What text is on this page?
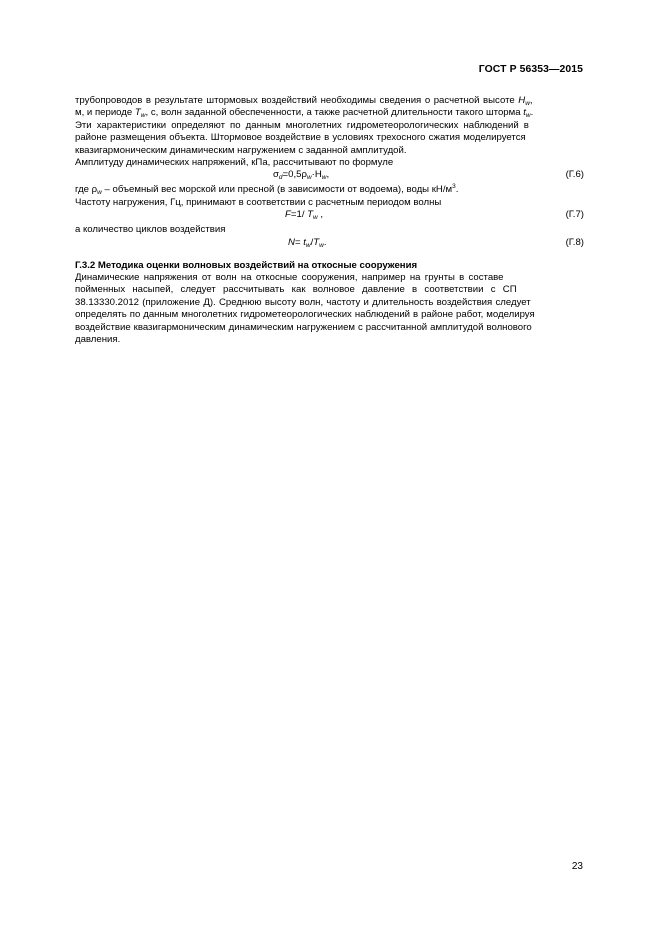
ГОСТ Р 56353—2015

трубопроводов в результате штормовых воздействий необходимы сведения о расчетной высоте $H_w$,

м, и периоде $T_w$, с, волн заданной обеспеченности, а также расчетной длительности такого шторма $t_w$.

Эти характеристики определяют по данным многолетних гидрометеорологических наблюдений в

районе размещения объекта. Штормовое воздействие в условиях трехосного сжатия моделируется

квазигармоническим динамическим нагружением с заданной амплитудой.

Амплитуду динамических напряжений, кПа, рассчитывают по формуле

$\sigma_d=0,5\rho_w\cdot H_w$,	(Г.6)

где $\rho_w$ – объемный вес морской или пресной (в зависимости от водоема), воды $кН/м^3$.

Частоту нагружения, Гц, принимают в соответствии с расчетным периодом волны

F=1/ $T_w$ ,	(Г.7)

а количество циклов воздействия

$N= t_w/T_w$.	(Г.8)

Г.3.2 Методика оценки волновых воздействий на откосные сооружения

Динамические напряжения от волн на откосные сооружения, например на грунты в составе

пойменных насыпей, следует рассчитывать как волновое давление в соответствии с СП

38.13330.2012 (приложение Д). Среднюю высоту волн, частоту и длительность воздействия следует

определять по данным многолетних гидрометеорологических наблюдений в районе работ, моделируя

воздействие квазигармоническим динамическим нагружением с рассчитанной амплитудой волнового

давления.

23
